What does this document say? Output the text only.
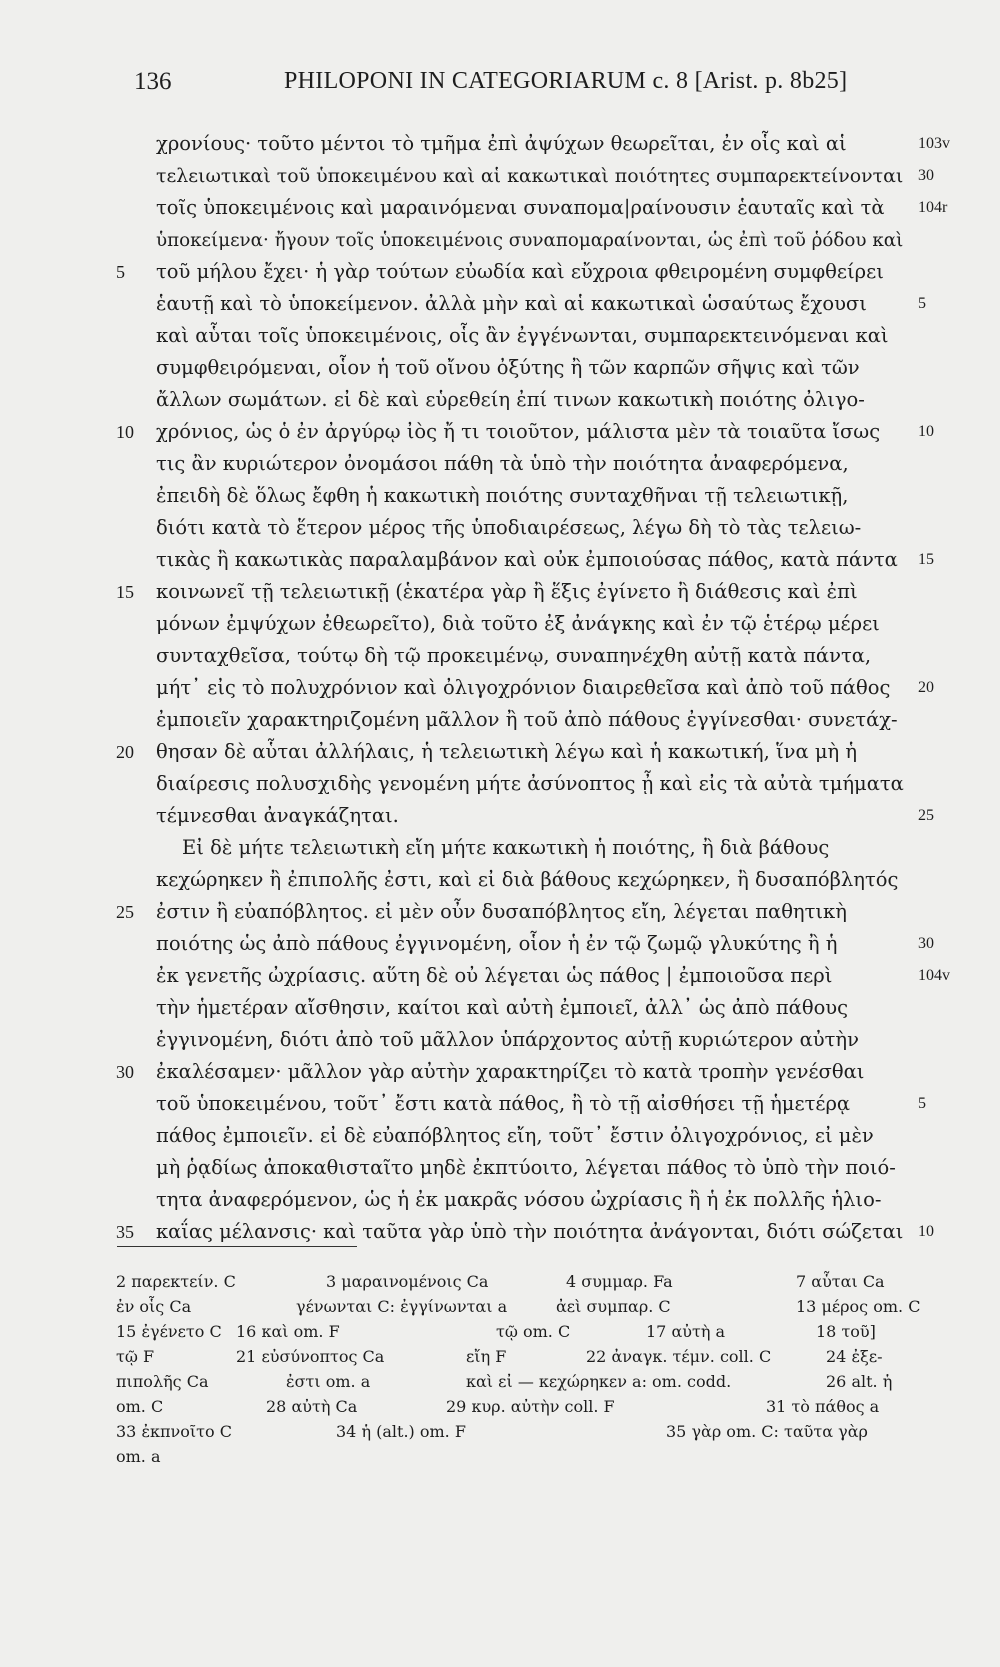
136	PHILOPONI IN CATEGORIARUM c. 8 [Arist. p. 8b25]
χρονίους· τοῦτο μέντοι τὸ τμῆμα ἐπὶ ἀψύχων θεωρεῖται, ἐν οἷς καὶ αἱ	103v
τελειωτικαὶ τοῦ ὑποκειμένου καὶ αἱ κακωτικαὶ ποιότητες συμπαρεκτείνονται 30
τοῖς ὑποκειμένοις καὶ μαραινόμεναι συναπομα|ραίνουσιν ἑαυταῖς καὶ τὰ 104r
ὑποκείμενα· ἤγουν τοῖς ὑποκειμένοις συναπομαραίνονται, ὡς ἐπὶ τοῦ ῥόδου καὶ
5	τοῦ μήλου ἔχει· ἡ γὰρ τούτων εὐωδία καὶ εὔχροια φθειρομένη συμφθείρει
ἑαυτῇ καὶ τὸ ὑποκείμενον. ἀλλὰ μὴν καὶ αἱ κακωτικαὶ ὡσαύτως ἔχουσι	5
καὶ αὗται τοῖς ὑποκειμένοις, οἷς ἂν ἐγγένωνται, συμπαρεκτεινόμεναι καὶ
συμφθειρόμεναι, οἷον ἡ τοῦ οἴνου ὀξύτης ἢ τῶν καρπῶν σῆψις καὶ τῶν
ἄλλων σωμάτων. εἰ δὲ καὶ εὑρεθείη ἐπί τινων κακωτικὴ ποιότης ὀλιγο-
10	χρόνιος, ὡς ὁ ἐν ἀργύρῳ ἰὸς ἤ τι τοιοῦτον, μάλιστα μὲν τὰ τοιαῦτα ἴσως 10
τις ἂν κυριώτερον ὀνομάσοι πάθη τὰ ὑπὸ τὴν ποιότητα ἀναφερόμενα,
ἐπειδὴ δὲ ὅλως ἔφθη ἡ κακωτικὴ ποιότης συνταχθῆναι τῇ τελειωτικῇ,
διότι κατὰ τὸ ἕτερον μέρος τῆς ὑποδιαιρέσεως, λέγω δὴ τὸ τὰς τελειω-
τικὰς ἢ κακωτικὰς παραλαμβάνον καὶ οὐκ ἐμποιούσας πάθος, κατὰ πάντα 15
15	κοινωνεῖ τῇ τελειωτικῇ (ἑκατέρα γὰρ ἢ ἕξις ἐγίνετο ἢ διάθεσις καὶ ἐπὶ
μόνων ἐμψύχων ἐθεωρεῖτο), διὰ τοῦτο ἐξ ἀνάγκης καὶ ἐν τῷ ἑτέρῳ μέρει
συνταχθεῖσα, τούτῳ δὴ τῷ προκειμένῳ, συναπηνέχθη αὐτῇ κατὰ πάντα,
μήτ᾽ εἰς τὸ πολυχρόνιον καὶ ὀλιγοχρόνιον διαιρεθεῖσα καὶ ἀπὸ τοῦ πάθος 20
ἐμποιεῖν χαρακτηριζομένη μᾶλλον ἢ τοῦ ἀπὸ πάθους ἐγγίνεσθαι· συνετάχ-
20	θησαν δὲ αὗται ἀλλήλαις, ἡ τελειωτικὴ λέγω καὶ ἡ κακωτική, ἵνα μὴ ἡ
διαίρεσις πολυσχιδὴς γενομένη μήτε ἀσύνοπτος ᾖ καὶ εἰς τὰ αὐτὰ τμήματα
τέμνεσθαι ἀναγκάζηται.	25
Εἰ δὲ μήτε τελειωτικὴ εἴη μήτε κακωτικὴ ἡ ποιότης, ἢ διὰ βάθους
κεχώρηκεν ἢ ἐπιπολῆς ἐστι, καὶ εἰ διὰ βάθους κεχώρηκεν, ἢ δυσαπόβλητός
25	ἐστιν ἢ εὐαπόβλητος. εἰ μὲν οὖν δυσαπόβλητος εἴη, λέγεται παθητικὴ
ποιότης ὡς ἀπὸ πάθους ἐγγινομένη, οἷον ἡ ἐν τῷ ζωμῷ γλυκύτης ἢ ἡ	30
ἐκ γενετῆς ὠχρίασις. αὕτη δὲ οὐ λέγεται ὡς πάθος | ἐμποιοῦσα περὶ	104v
τὴν ἡμετέραν αἴσθησιν, καίτοι καὶ αὐτὴ ἐμποιεῖ, ἀλλ᾽ ὡς ἀπὸ πάθους
ἐγγινομένη, διότι ἀπὸ τοῦ μᾶλλον ὑπάρχοντος αὐτῇ κυριώτερον αὐτὴν
30	ἐκαλέσαμεν· μᾶλλον γὰρ αὐτὴν χαρακτηρίζει τὸ κατὰ τροπὴν γενέσθαι
τοῦ ὑποκειμένου, τοῦτ᾽ ἔστι κατὰ πάθος, ἢ τὸ τῇ αἰσθήσει τῇ ἡμετέρᾳ	5
πάθος ἐμποιεῖν. εἰ δὲ εὐαπόβλητος εἴη, τοῦτ᾽ ἔστιν ὀλιγοχρόνιος, εἰ μὲν
μὴ ῥᾳδίως ἀποκαθισταῖτο μηδὲ ἐκπτύοιτο, λέγεται πάθος τὸ ὑπὸ τὴν ποιό-
τητα ἀναφερόμενον, ὡς ἡ ἐκ μακρᾶς νόσου ὠχρίασις ἢ ἡ ἐκ πολλῆς ἡλιο-
35	καΐας μέλανσις· καὶ ταῦτα γὰρ ὑπὸ τὴν ποιότητα ἀνάγονται, διότι σώζεται 10
2 παρεκτείν. C	3 μαραινομένοις Ca	4 συμμαρ. Fa	7 αὗται Ca
ἐν οἷς Ca	γένωνται C: ἐγγίνωνται a	ἀεὶ συμπαρ. C	13 μέρος om. C
15 ἐγένετο C 16 καὶ om. F	τῷ om. C	17 αὐτὴ a	18 τοῦ]
τῷ F	21 εὐσύνοπτος Ca	εἴη F	22 ἀναγκ. τέμν. coll. C	24 ἐξε-
πιπολῆς Ca	ἐστι om. a	καὶ εἰ — κεχώρηκεν a: om. codd.	26 alt. ἡ
om. C	28 αὐτὴ Ca	29 κυρ. αὐτὴν coll. F	31 τὸ πάθος a
33 ἐκπνοῖτο C	34 ἡ (alt.) om. F	35 γὰρ om. C: ταῦτα γὰρ
om. a
